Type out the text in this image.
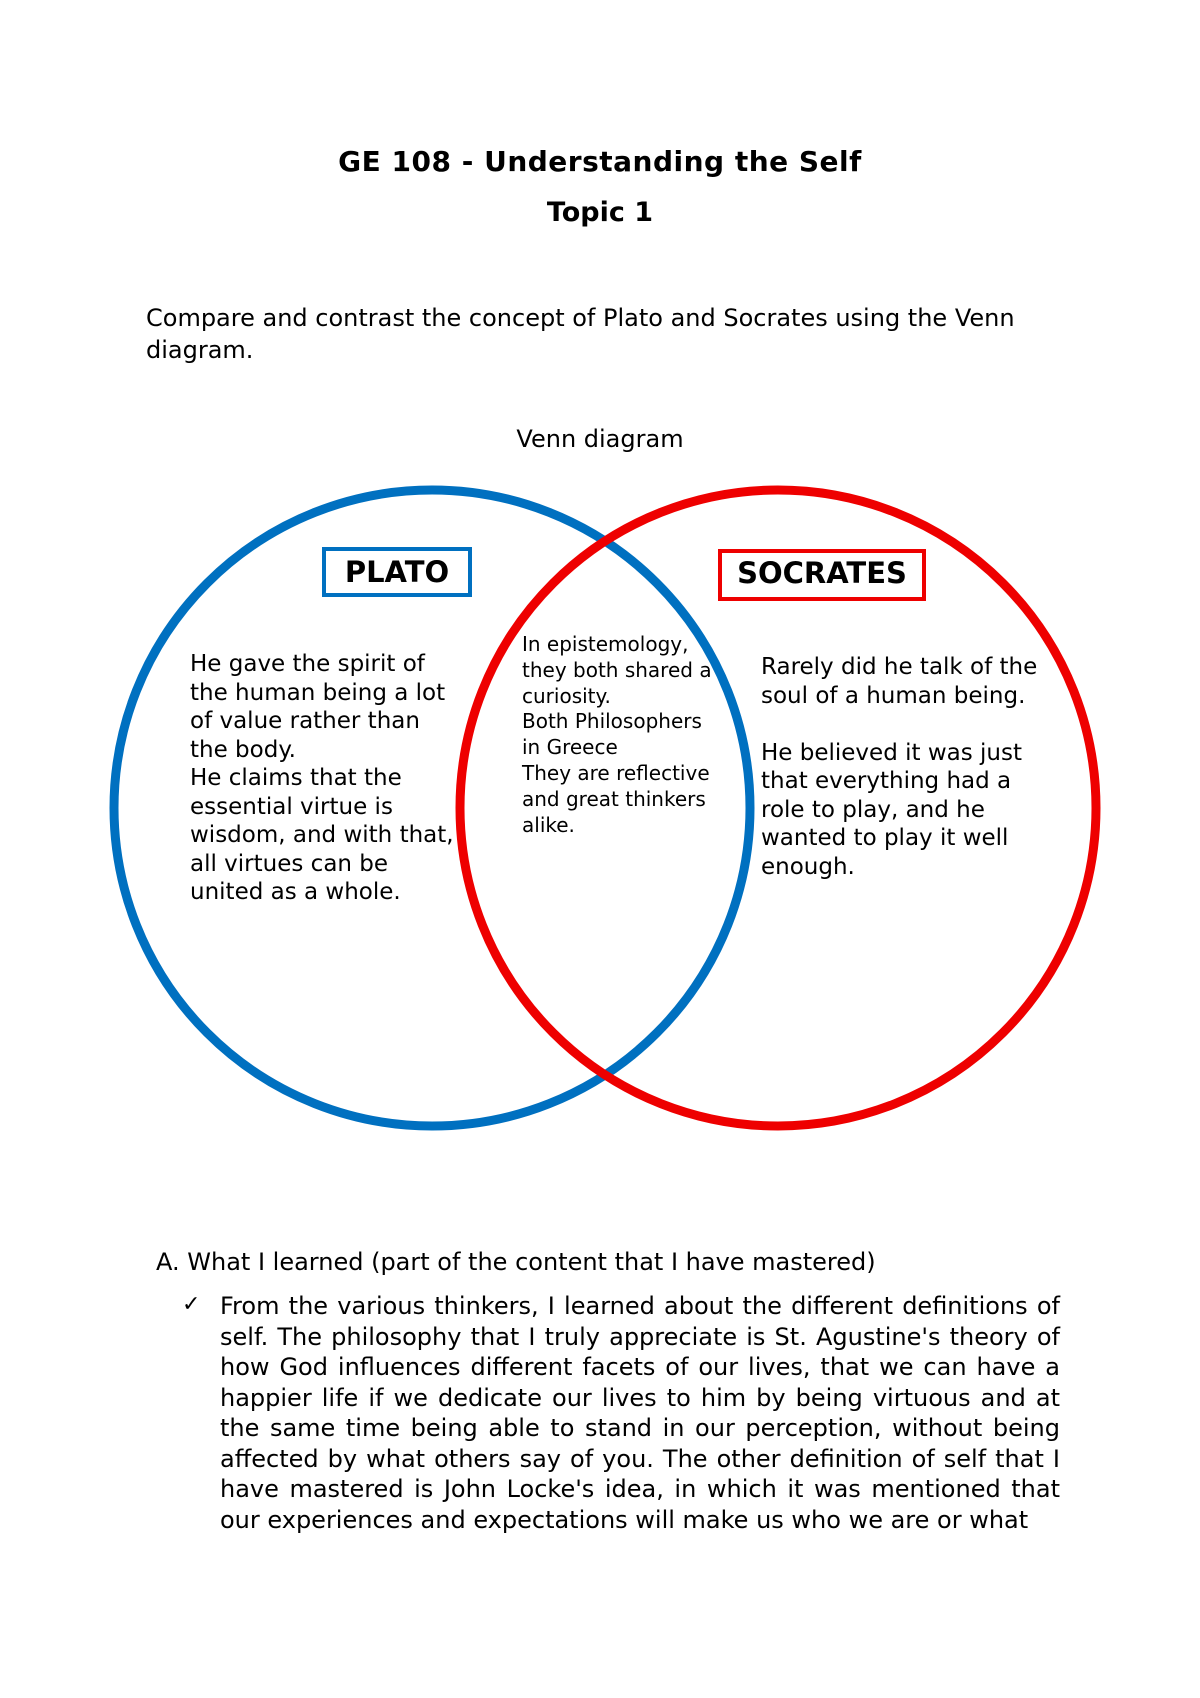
GE 108 - Understanding the Self
Topic 1
Compare and contrast the concept of Plato and Socrates using the Venn diagram.
Venn diagram
PLATO	SOCRATES
He gave the spirit of the human being a lot of value rather than the body.
He claims that the essential virtue is wisdom, and with that, all virtues can be united as a whole.
In epistemology, they both shared a curiosity.
Both Philosophers in Greece
They are reflective and great thinkers alike.
Rarely did he talk of the soul of a human being.

He believed it was just that everything had a role to play, and he wanted to play it well enough.
A. What I learned (part of the content that I have mastered)
✓ From the various thinkers, I learned about the different definitions of self. The philosophy that I truly appreciate is St. Agustine's theory of how God influences different facets of our lives, that we can have a happier life if we dedicate our lives to him by being virtuous and at the same time being able to stand in our perception, without being affected by what others say of you. The other definition of self that I have mastered is John Locke's idea, in which it was mentioned that our experiences and expectations will make us who we are or what
